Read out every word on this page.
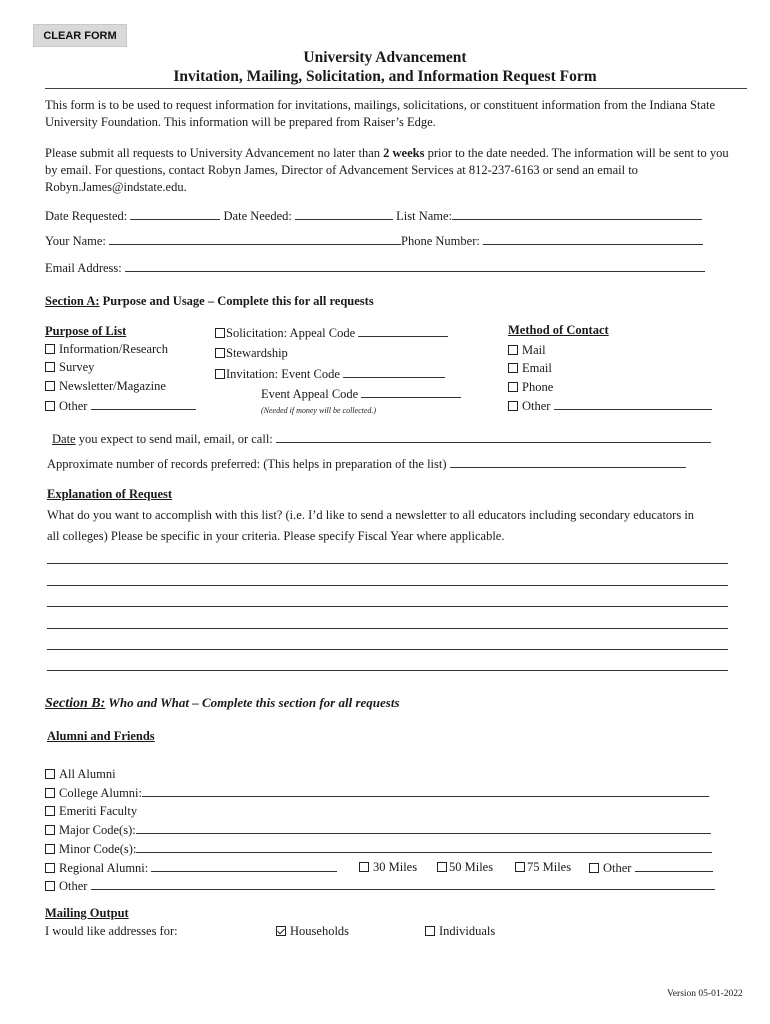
CLEAR FORM
University Advancement
Invitation, Mailing, Solicitation, and Information Request Form
This form is to be used to request information for invitations, mailings, solicitations, or constituent information from the Indiana State University Foundation. This information will be prepared from Raiser’s Edge.
Please submit all requests to University Advancement no later than 2 weeks prior to the date needed. The information will be sent to you by email. For questions, contact Robyn James, Director of Advancement Services at 812-237-6163 or send an email to Robyn.James@indstate.edu.
Date Requested:	Date Needed:	List Name:
Your Name:	Phone Number:
Email Address:
Section A: Purpose and Usage – Complete this for all requests
Purpose of List
Information/Research
Survey
Newsletter/Magazine
Other
Solicitation: Appeal Code
Stewardship
Invitation: Event Code
Event Appeal Code
(Needed if money will be collected.)
Method of Contact
Mail
Email
Phone
Other
Date you expect to send mail, email, or call:
Approximate number of records preferred: (This helps in preparation of the list)
Explanation of Request
What do you want to accomplish with this list? (i.e. I’d like to send a newsletter to all educators including secondary educators in
all colleges) Please be specific in your criteria. Please specify Fiscal Year where applicable.
Section B: Who and What – Complete this section for all requests
Alumni and Friends
All Alumni
College Alumni:
Emeriti Faculty
Major Code(s):
Minor Code(s):
Regional Alumni:	30 Miles	50 Miles	75 Miles	Other
Other
Mailing Output
I would like addresses for:	Households	Individuals
Version 05-01-2022
